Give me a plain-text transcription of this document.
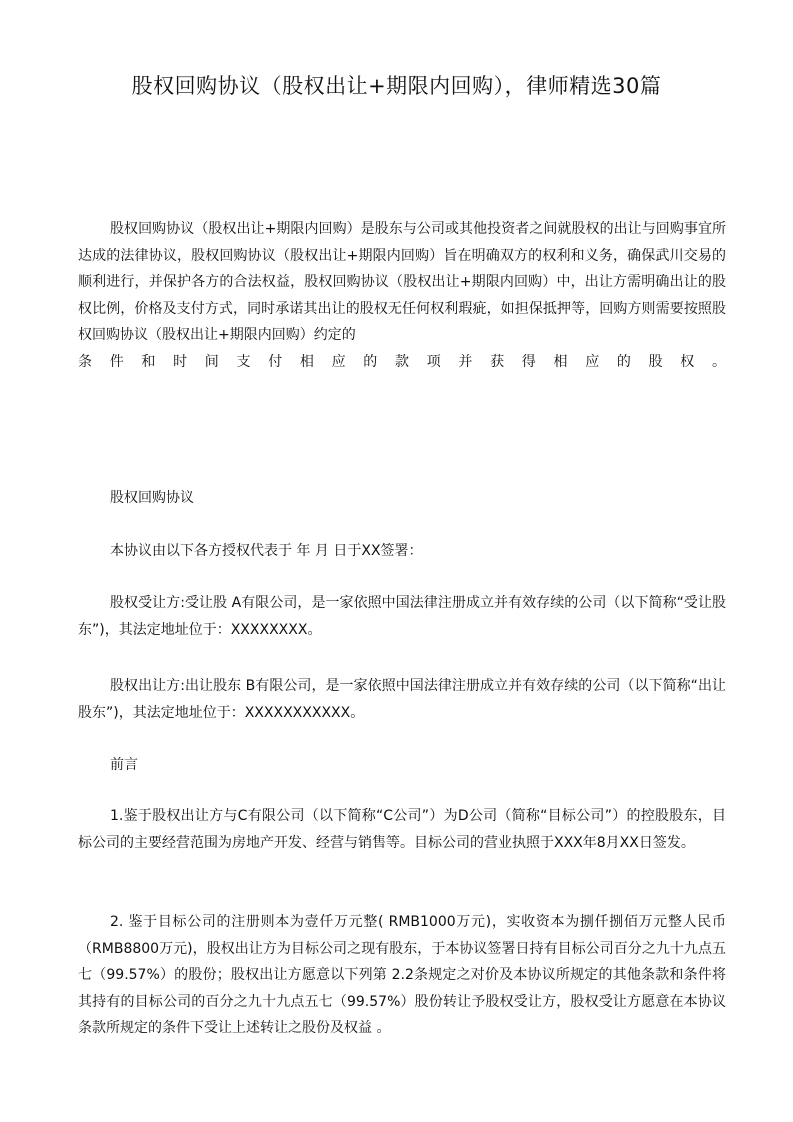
股权回购协议（股权出让+期限内回购），律师精选30篇

股权回购协议（股权出让+期限内回购）是股东与公司或其他投资者之间就股权的出让与回购事宜所达成的法律协议，股权回购协议（股权出让+期限内回购）旨在明确双方的权利和义务，确保武川交易的顺利进行，并保护各方的合法权益，股权回购协议（股权出让+期限内回购）中，出让方需明确出让的股权比例，价格及支付方式，同时承诺其出让的股权无任何权利瑕疵，如担保抵押等，回购方则需要按照股权回购协议（股权出让+期限内回购）约定的

条件和时间支付相应的款项并获得相应的股权。

股权回购协议

本协议由以下各方授权代表于 年 月 日于XX签署：

股权受让方:受让股 A有限公司，是一家依照中国法律注册成立并有效存续的公司（以下简称“受让股东”)，其法定地址位于：XXXXXXXX。

股权出让方:出让股东 B有限公司，是一家依照中国法律注册成立并有效存续的公司（以下简称“出让股东”)，其法定地址位于：XXXXXXXXXXX。

前言

1.鉴于股权出让方与C有限公司（以下简称“C公司”）为D公司（简称“目标公司”）的控股股东，目标公司的主要经营范围为房地产开发、经营与销售等。目标公司的营业执照于XXX年8月XX日签发。

2. 鉴于目标公司的注册则本为壹仟万元整( RMB1000万元)，实收资本为捌仟捌佰万元整人民币（RMB8800万元)，股权出让方为目标公司之现有股东，于本协议签署日持有目标公司百分之九十九点五七（99.57%）的股份；股权出让方愿意以下列第 2.2条规定之对价及本协议所规定的其他条款和条件将其持有的目标公司的百分之九十九点五七（99.57%）股份转让予股权受让方，股权受让方愿意在本协议条款所规定的条件下受让上述转让之股份及权益 。
